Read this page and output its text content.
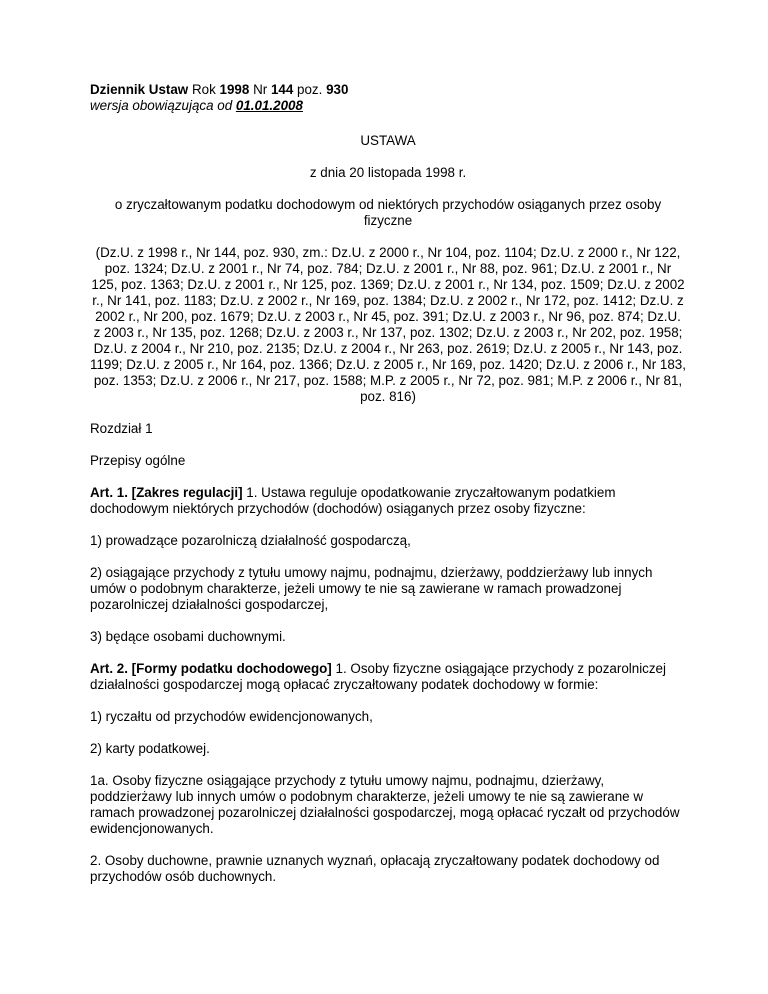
Dziennik Ustaw Rok 1998 Nr 144 poz. 930
wersja obowiązująca od 01.01.2008

USTAWA

z dnia 20 listopada 1998 r.

o zryczałtowanym podatku dochodowym od niektórych przychodów osiąganych przez osoby fizyczne

(Dz.U. z 1998 r., Nr 144, poz. 930, zm.: Dz.U. z 2000 r., Nr 104, poz. 1104; Dz.U. z 2000 r., Nr 122, poz. 1324; Dz.U. z 2001 r., Nr 74, poz. 784; Dz.U. z 2001 r., Nr 88, poz. 961; Dz.U. z 2001 r., Nr 125, poz. 1363; Dz.U. z 2001 r., Nr 125, poz. 1369; Dz.U. z 2001 r., Nr 134, poz. 1509; Dz.U. z 2002 r., Nr 141, poz. 1183; Dz.U. z 2002 r., Nr 169, poz. 1384; Dz.U. z 2002 r., Nr 172, poz. 1412; Dz.U. z 2002 r., Nr 200, poz. 1679; Dz.U. z 2003 r., Nr 45, poz. 391; Dz.U. z 2003 r., Nr 96, poz. 874; Dz.U. z 2003 r., Nr 135, poz. 1268; Dz.U. z 2003 r., Nr 137, poz. 1302; Dz.U. z 2003 r., Nr 202, poz. 1958; Dz.U. z 2004 r., Nr 210, poz. 2135; Dz.U. z 2004 r., Nr 263, poz. 2619; Dz.U. z 2005 r., Nr 143, poz. 1199; Dz.U. z 2005 r., Nr 164, poz. 1366; Dz.U. z 2005 r., Nr 169, poz. 1420; Dz.U. z 2006 r., Nr 183, poz. 1353; Dz.U. z 2006 r., Nr 217, poz. 1588; M.P. z 2005 r., Nr 72, poz. 981; M.P. z 2006 r., Nr 81, poz. 816)

Rozdział 1

Przepisy ogólne

Art. 1. [Zakres regulacji] 1. Ustawa reguluje opodatkowanie zryczałtowanym podatkiem dochodowym niektórych przychodów (dochodów) osiąganych przez osoby fizyczne:

1) prowadzące pozarolniczą działalność gospodarczą,

2) osiągające przychody z tytułu umowy najmu, podnajmu, dzierżawy, poddzierżawy lub innych umów o podobnym charakterze, jeżeli umowy te nie są zawierane w ramach prowadzonej pozarolniczej działalności gospodarczej,

3) będące osobami duchownymi.

Art. 2. [Formy podatku dochodowego] 1. Osoby fizyczne osiągające przychody z pozarolniczej działalności gospodarczej mogą opłacać zryczałtowany podatek dochodowy w formie:

1) ryczałtu od przychodów ewidencjonowanych,

2) karty podatkowej.

1a. Osoby fizyczne osiągające przychody z tytułu umowy najmu, podnajmu, dzierżawy, poddzierżawy lub innych umów o podobnym charakterze, jeżeli umowy te nie są zawierane w ramach prowadzonej pozarolniczej działalności gospodarczej, mogą opłacać ryczałt od przychodów ewidencjonowanych.

2. Osoby duchowne, prawnie uznanych wyznań, opłacają zryczałtowany podatek dochodowy od przychodów osób duchownych.
